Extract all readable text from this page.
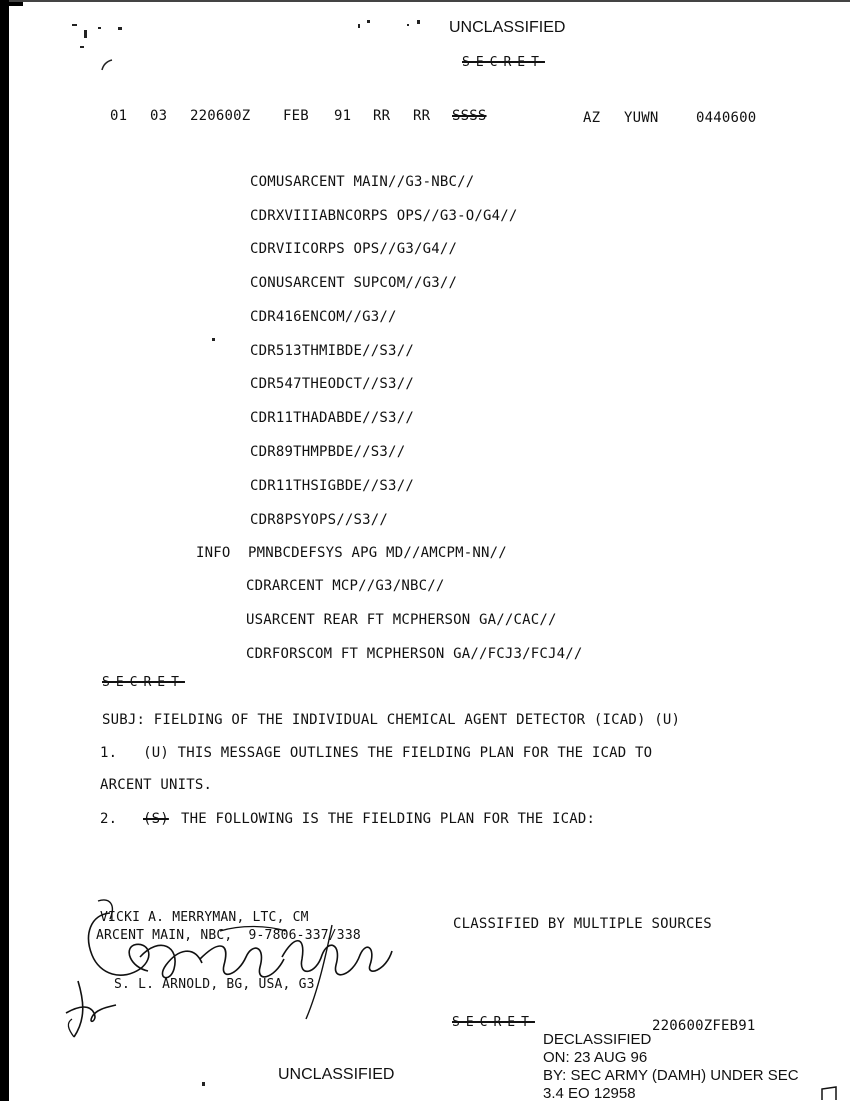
UNCLASSIFIED
SECRET
01 03 220600Z FEB 91 RR RR SSSS	AZ YUWN	0440600
COMUSARCENT MAIN//G3-NBC//
CDRXVIIIABNCORPS OPS//G3-O/G4//
CDRVIICORPS OPS//G3/G4//
CONUSARCENT SUPCOM//G3//
CDR416ENCOM//G3//
CDR513THMIBDE//S3//
CDR547THEODCT//S3//
CDR11THADABDE//S3//
CDR89THMPBDE//S3//
CDR11THSIGBDE//S3//
CDR8PSYOPS//S3//
INFO PMNBCDEFSYS APG MD//AMCPM-NN//
CDRARCENT MCP//G3/NBC//
USARCENT REAR FT MCPHERSON GA//CAC//
CDRFORSCOM FT MCPHERSON GA//FCJ3/FCJ4//
SECRET
SUBJ: FIELDING OF THE INDIVIDUAL CHEMICAL AGENT DETECTOR (ICAD) (U)
1.   (U) THIS MESSAGE OUTLINES THE FIELDING PLAN FOR THE ICAD TO
ARCENT UNITS.
2. (S) THE FOLLOWING IS THE FIELDING PLAN FOR THE ICAD:
VICKI A. MERRYMAN, LTC, CM
ARCENT MAIN, NBC,  9-7806-337/338
S. L. ARNOLD, BG, USA, G3
CLASSIFIED BY MULTIPLE SOURCES
SECRET	220600ZFEB91
DECLASSIFIED
ON: 23 AUG 96
BY: SEC ARMY (DAMH) UNDER SEC
3.4 EO 12958
UNCLASSIFIED
